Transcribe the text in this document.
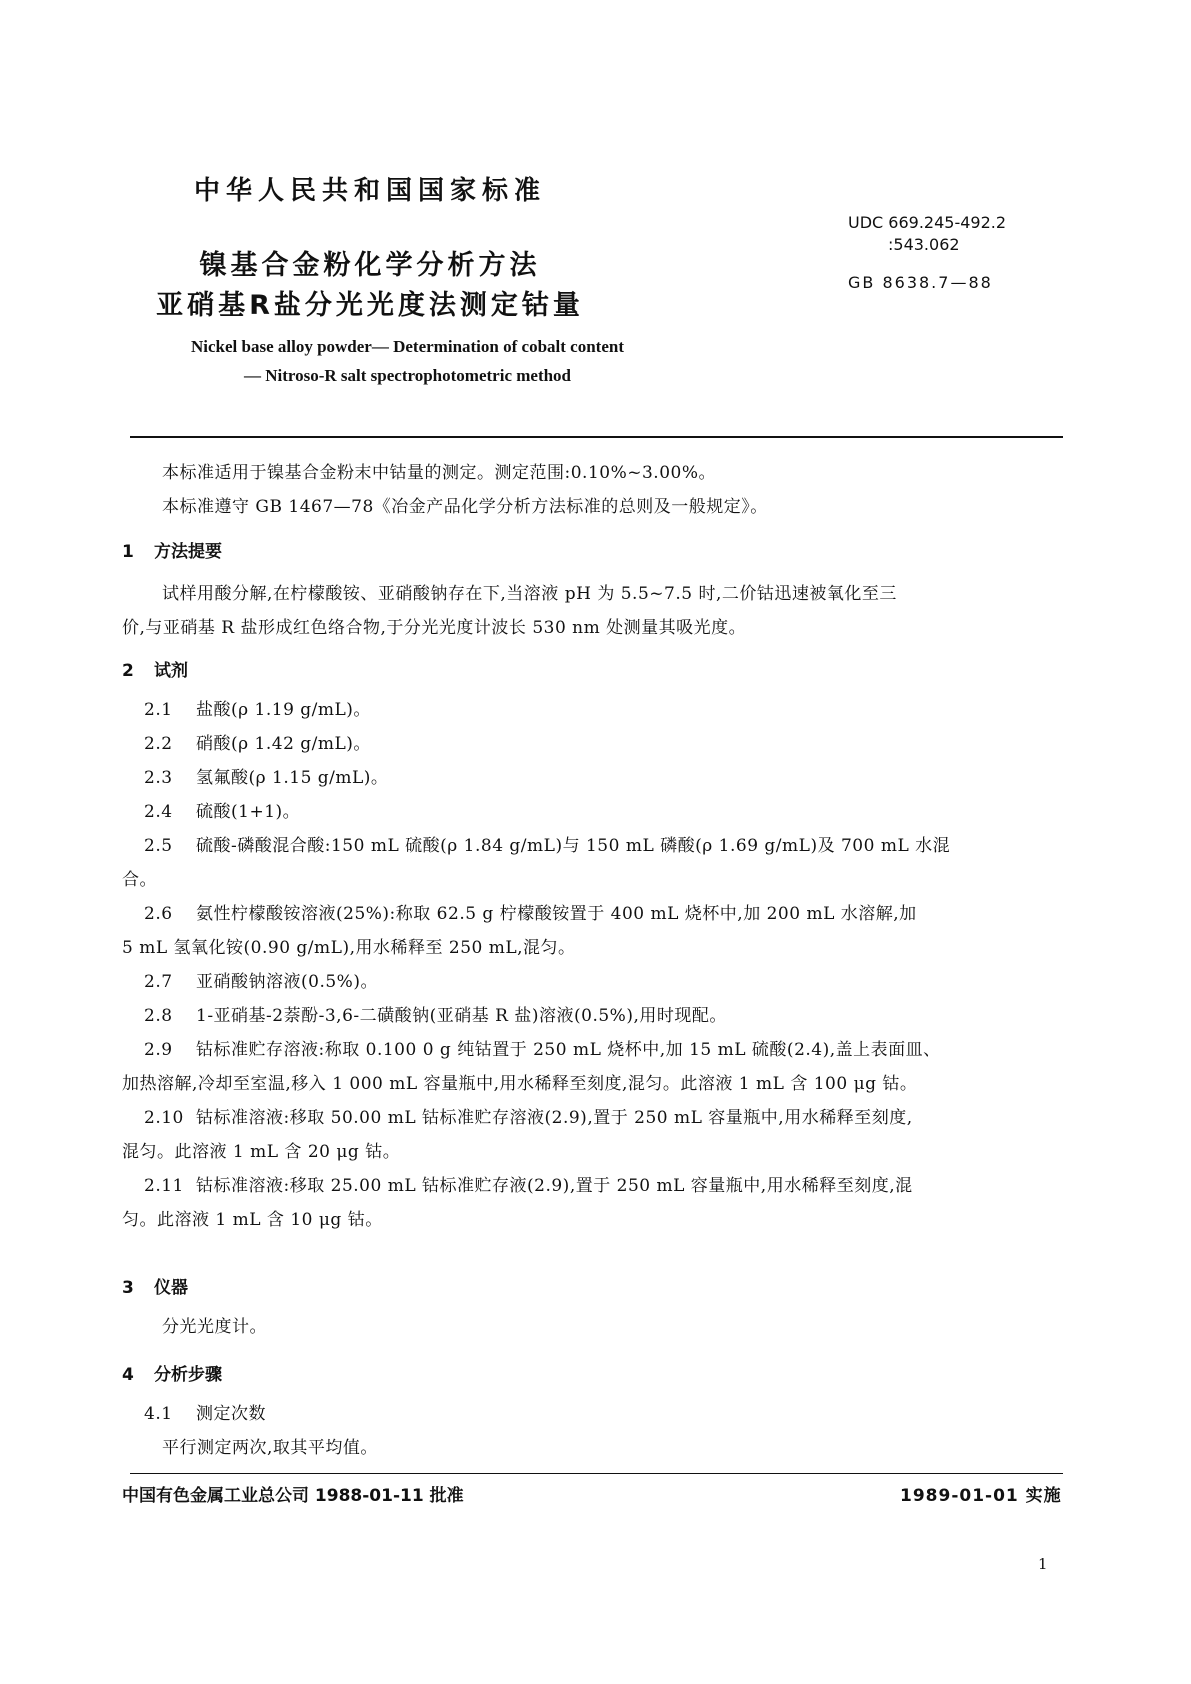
中华人民共和国国家标准
UDC 669.245-492.2
:543.062
GB 8638.7—88
镍基合金粉化学分析方法
亚硝基R盐分光光度法测定钴量
Nickel base alloy powder— Determination of cobalt content
— Nitroso-R salt spectrophotometric method
本标准适用于镍基合金粉末中钴量的测定。测定范围:0.10%~3.00%。
本标准遵守 GB 1467—78《冶金产品化学分析方法标准的总则及一般规定》。
1 方法提要
试样用酸分解,在柠檬酸铵、亚硝酸钠存在下,当溶液 pH 为 5.5~7.5 时,二价钴迅速被氧化至三
价,与亚硝基 R 盐形成红色络合物,于分光光度计波长 530 nm 处测量其吸光度。
2 试剂
2.1 盐酸(ρ 1.19 g/mL)。
2.2 硝酸(ρ 1.42 g/mL)。
2.3 氢氟酸(ρ 1.15 g/mL)。
2.4 硫酸(1+1)。
2.5 硫酸-磷酸混合酸:150 mL 硫酸(ρ 1.84 g/mL)与 150 mL 磷酸(ρ 1.69 g/mL)及 700 mL 水混
合。
2.6 氨性柠檬酸铵溶液(25%):称取 62.5 g 柠檬酸铵置于 400 mL 烧杯中,加 200 mL 水溶解,加
5 mL 氢氧化铵(0.90 g/mL),用水稀释至 250 mL,混匀。
2.7 亚硝酸钠溶液(0.5%)。
2.8 1-亚硝基-2萘酚-3,6-二磺酸钠(亚硝基 R 盐)溶液(0.5%),用时现配。
2.9 钴标准贮存溶液:称取 0.100 0 g 纯钴置于 250 mL 烧杯中,加 15 mL 硫酸(2.4),盖上表面皿、
加热溶解,冷却至室温,移入 1 000 mL 容量瓶中,用水稀释至刻度,混匀。此溶液 1 mL 含 100 μg 钴。
2.10 钴标准溶液:移取 50.00 mL 钴标准贮存溶液(2.9),置于 250 mL 容量瓶中,用水稀释至刻度,
混匀。此溶液 1 mL 含 20 μg 钴。
2.11 钴标准溶液:移取 25.00 mL 钴标准贮存液(2.9),置于 250 mL 容量瓶中,用水稀释至刻度,混
匀。此溶液 1 mL 含 10 μg 钴。
3 仪器
分光光度计。
4 分析步骤
4.1 测定次数
平行测定两次,取其平均值。
中国有色金属工业总公司 1988-01-11 批准	1989-01-01 实施
1
